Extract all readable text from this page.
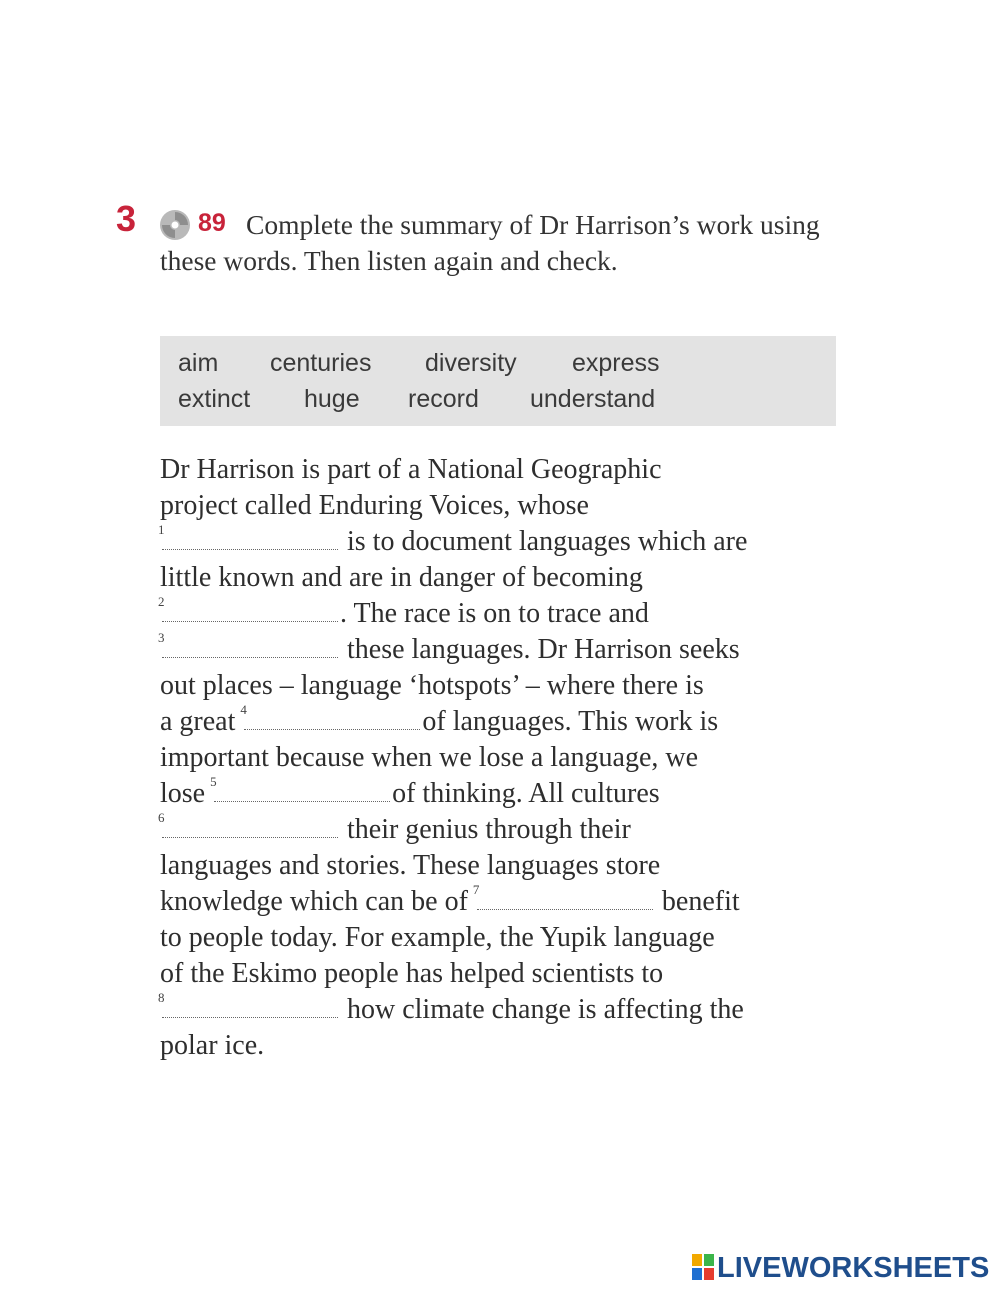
3 89 Complete the summary of Dr Harrison’s work using these words. Then listen again and check.

aim centuries diversity express
extinct huge record understand
Dr Harrison is part of a National Geographic
project called Enduring Voices, whose
1	is to document languages which are
little known and are in danger of becoming
2	. The race is on to trace and
3	these languages. Dr Harrison seeks
out places – language ‘hotspots’ – where there is
a great
4	of languages. This work is
important because when we lose a language, we
lose
5	of thinking. All cultures
6	their genius through their
languages and stories. These languages store
knowledge which can be of
7	benefit
to people today. For example, the Yupik language
of the Eskimo people has helped scientists to
8	how climate change is affecting the
polar ice.
LIVEWORKSHEETS
